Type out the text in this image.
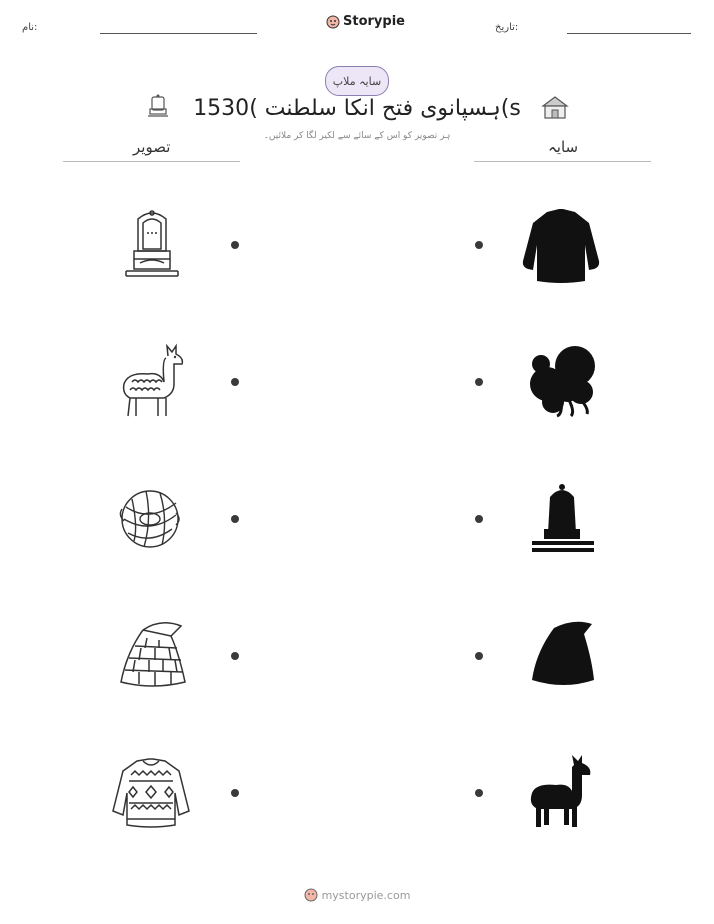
نام:	Storypie	تاریخ:
سایہ ملاپ
ہسپانوی فتح انکا سلطنت )1530(s
ہر تصویر کو اس کے سائے سے لکیر لگا کر ملائیں۔
تصویر	سایہ
mystorypie.com
